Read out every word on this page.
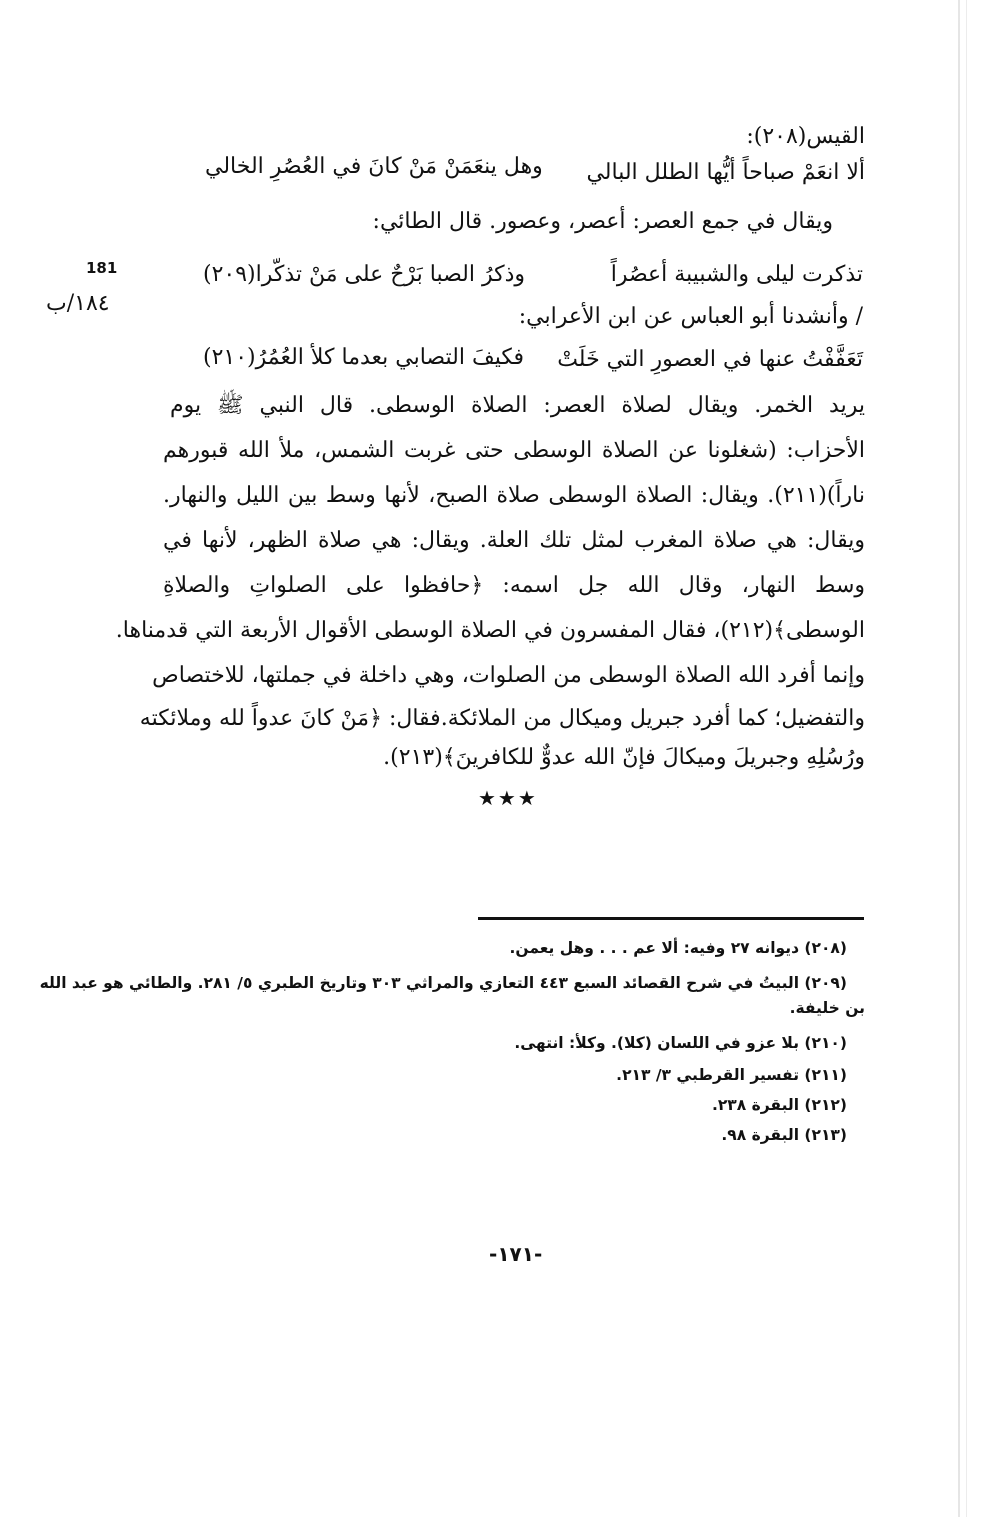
181
١٨٤/ب
القيس(٢٠٨):
ألا انعَمْ صباحاً أيُّها الطلل البالي
وهل ينعَمَنْ مَنْ كانَ في العُصُرِ الخالي
ويقال في جمع العصر: أعصر، وعصور. قال الطائي:
تذكرت ليلى والشبيبة أعصُراً
وذكرُ الصبا بَرْحٌ على مَنْ تذكّرا(٢٠٩)
/ وأنشدنا أبو العباس عن ابن الأعرابي:
تَعَفَّفْتُ عنها في العصورِ التي خَلَتْ
فكيفَ التصابي بعدما كلأ العُمُرُ(٢١٠)
يريد الخمر. ويقال لصلاة العصر: الصلاة الوسطى. قال النبي ﷺ يوم
الأحزاب: (شغلونا عن الصلاة الوسطى حتى غربت الشمس، ملأ الله قبورهم
ناراً)(٢١١). ويقال: الصلاة الوسطى صلاة الصبح، لأنها وسط بين الليل والنهار.
ويقال: هي صلاة المغرب لمثل تلك العلة. ويقال: هي صلاة الظهر، لأنها في
وسط النهار، وقال الله جل اسمه: ﴿حافظوا على الصلواتِ والصلاةِ
الوسطى﴾(٢١٢)، فقال المفسرون في الصلاة الوسطى الأقوال الأربعة التي قدمناها.
وإنما أفرد الله الصلاة الوسطى من الصلوات، وهي داخلة في جملتها، للاختصاص
والتفضيل؛ كما أفرد جبريل وميكال من الملائكة.فقال: ﴿مَنْ كانَ عدواً لله وملائكته
ورُسُلِهِ وجبريلَ وميكالَ فإنّ الله عدوٌّ للكافرينَ﴾(٢١٣).
★★★
(٢٠٨) ديوانه ٢٧ وفيه: ألا عم . . . وهل يعمن.
(٢٠٩) البيتُ في شرح القصائد السبع ٤٤٣ التعازي والمراثي ٣٠٣ وتاريخ الطبري ٥/ ٢٨١. والطائي هو عبد الله
بن خليفة.
(٢١٠) بلا عزو في اللسان (كلا). وكلأ: انتهى.
(٢١١) تفسير القرطبي ٣/ ٢١٣.
(٢١٢) البقرة ٢٣٨.
(٢١٣) البقرة ٩٨.
-١٧١-
